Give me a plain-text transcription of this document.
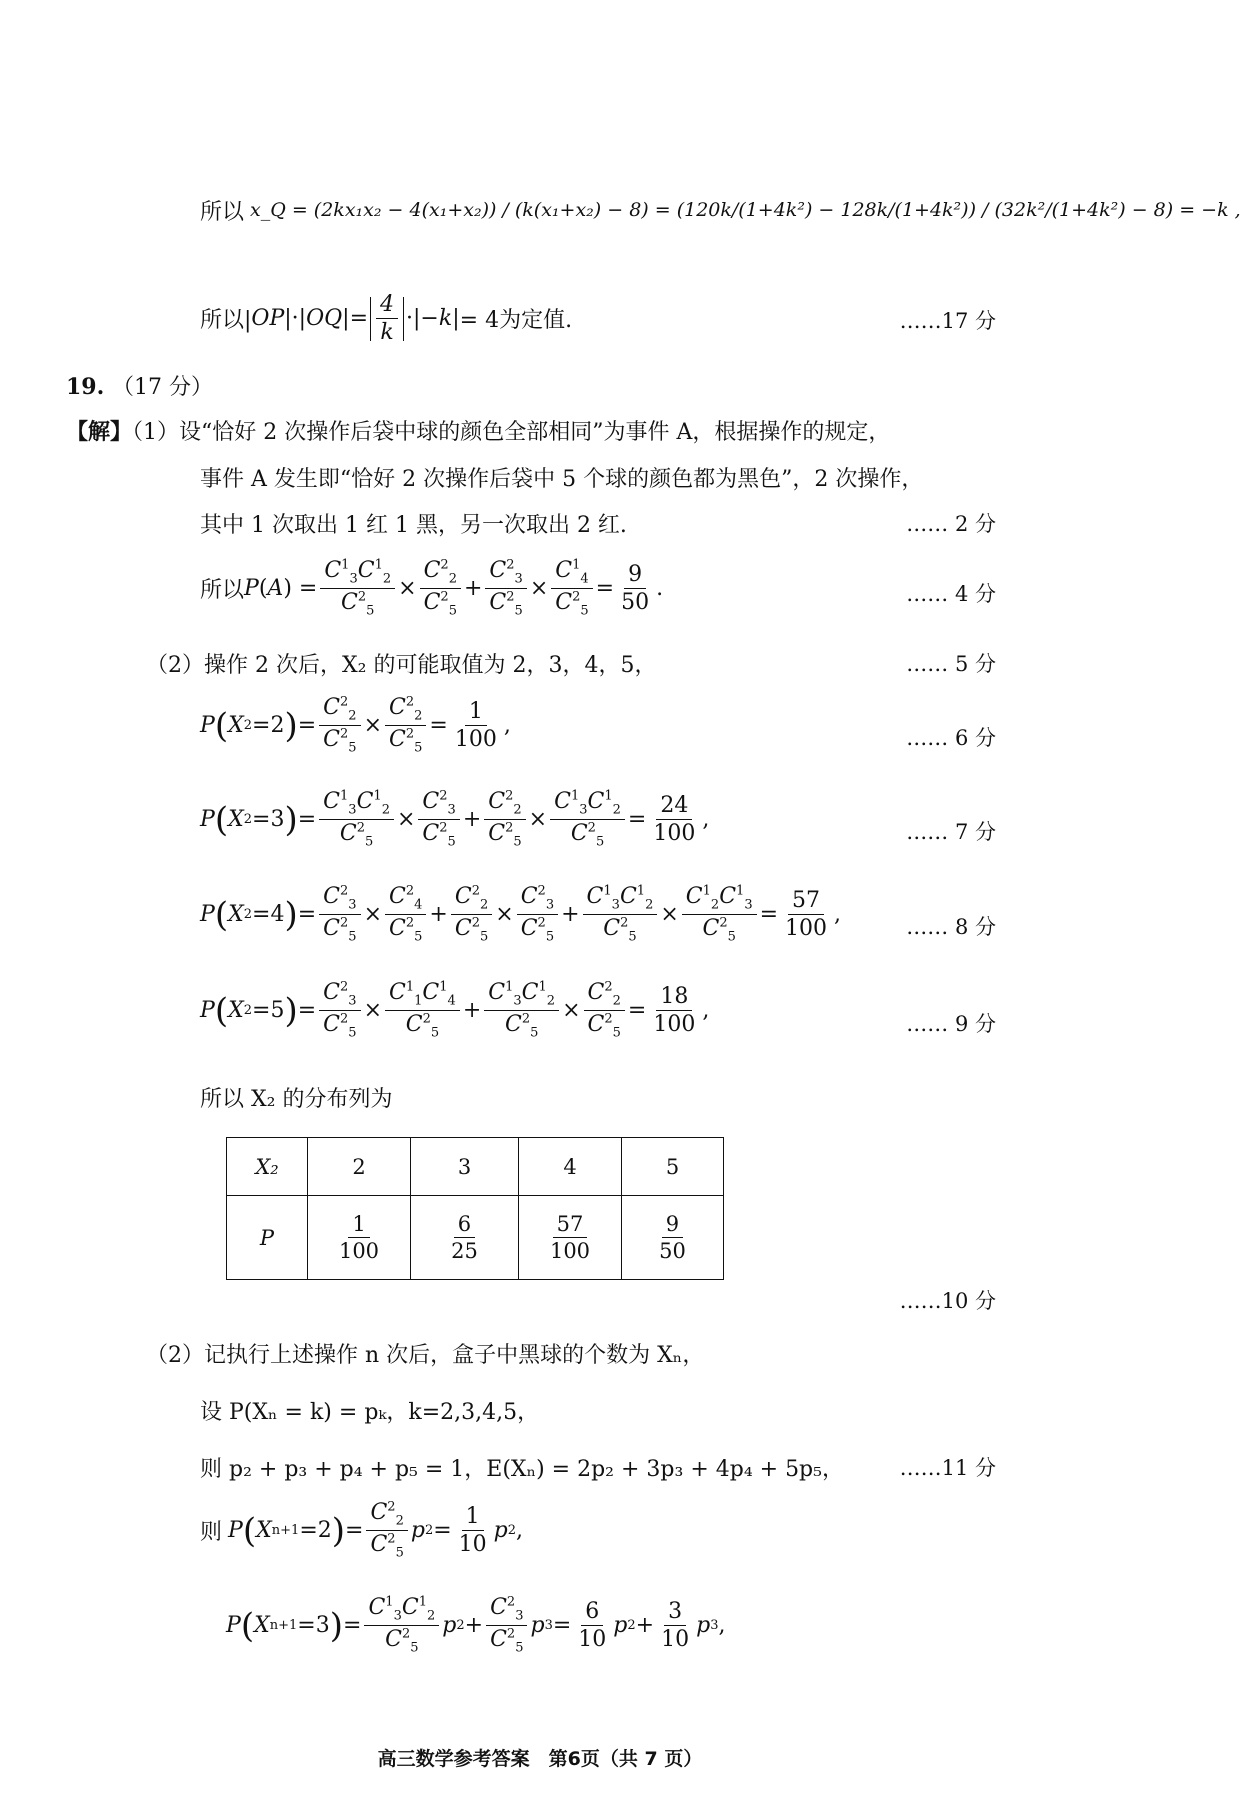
所以 x_Q = (2kx₁x₂ − 4(x₁+x₂)) / (k(x₁+x₂) − 8) = (120k/(1+4k²) − 128k/(1+4k²)) / (32k²/(1+4k²) − 8) = −k ,
所以| OP |·| OQ |= $\frac{4}{k}$ ·|− k | = 4为定值.	……17 分
19. （17 分）
【解】（1）设“恰好 2 次操作后袋中球的颜色全部相同”为事件 A，根据操作的规定，
事件 A 发生即“恰好 2 次操作后袋中 5 个球的颜色都为黑色”，2 次操作，
其中 1 次取出 1 红 1 黑，另一次取出 2 红.	…… 2 分
所以 P ( A ) = $\frac{C^1_3C^1_2}{C^2_5} \times \frac{C^2_2}{C^2_5} + \frac{C^2_3}{C^2_5} \times \frac{C^1_4}{C^2_5} = \frac{9}{50}$ .	…… 4 分
（2）操作 2 次后，X₂ 的可能取值为 2，3，4，5，	…… 5 分
P ( X 2 =2 ) = $\frac{C^2_2}{C^2_5} \times \frac{C^2_2}{C^2_5} = \frac{1}{100}$ ,	…… 6 分
P ( X 2 =3 ) = $\frac{C^1_3C^1_2}{C^2_5} \times \frac{C^2_3}{C^2_5} + \frac{C^2_2}{C^2_5} \times \frac{C^1_3C^1_2}{C^2_5} = \frac{24}{100}$ ,	…… 7 分
P ( X 2 =4 ) = $\frac{C^2_3}{C^2_5} \times \frac{C^2_4}{C^2_5} + \frac{C^2_2}{C^2_5} \times \frac{C^2_3}{C^2_5} + \frac{C^1_3C^1_2}{C^2_5} \times \frac{C^1_2C^1_3}{C^2_5} = \frac{57}{100}$ ,	…… 8 分
P ( X 2 =5 ) = $\frac{C^2_3}{C^2_5} \times \frac{C^1_1C^1_4}{C^2_5} + \frac{C^1_3C^1_2}{C^2_5} \times \frac{C^2_2}{C^2_5} = \frac{18}{100}$ ,
…… 9 分
所以 X₂ 的分布列为
X₂	2	3	4	5
P	$\frac{1}{100}$	$\frac{6}{25}$	$\frac{57}{100}$	$\frac{9}{50}$
……10 分
（2）记执行上述操作 n 次后，盒子中黑球的个数为 Xₙ，
设 P(Xₙ = k) = pₖ，k=2,3,4,5，
则 p₂ + p₃ + p₄ + p₅ = 1，E(Xₙ) = 2p₂ + 3p₃ + 4p₄ + 5p₅，	……11 分
则 P ( X n+1 =2 ) = $\frac{C^2_2}{C^2_5}$ p $2 = \frac{1}{10}$ p 2 ,
P ( X n+1 =3 ) = $\frac{C^1_3C^1_2}{C^2_5}$ p $2 + \frac{C^2_3}{C^2_5}$ p $3 = \frac{6}{10}$ p $2 + \frac{3}{10}$ p 3 ,
高三数学参考答案　第6页（共 7 页）
